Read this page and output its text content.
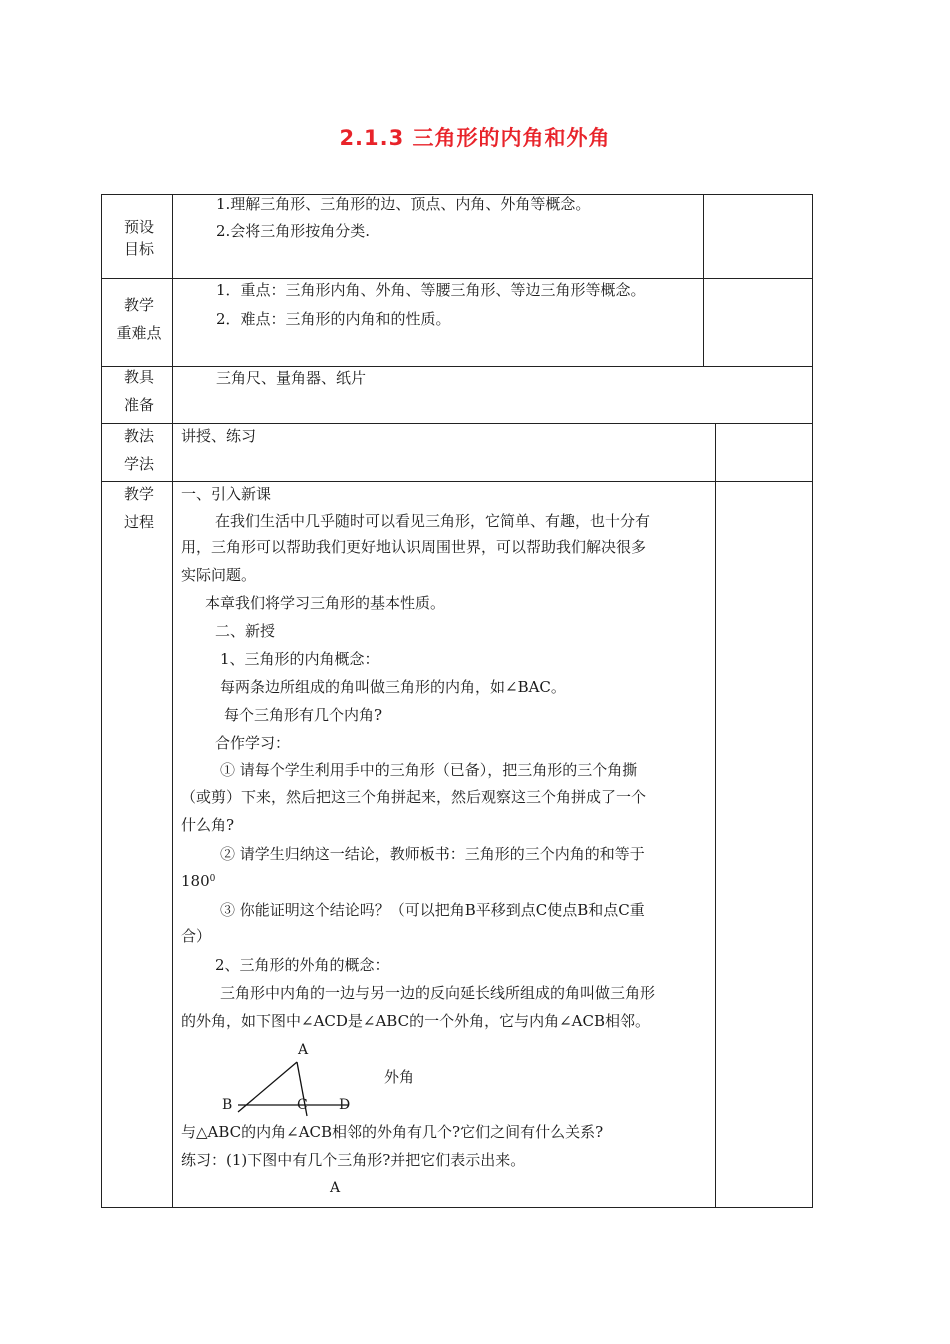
2.1.3 三角形的内角和外角
预设
目标
教学
重难点
教具
准备
教法
学法
教学
过程
1.理解三角形、三角形的边、顶点、内角、外角等概念。
2.会将三角形按角分类.
1．重点：三角形内角、外角、等腰三角形、等边三角形等概念。
2．难点：三角形的内角和的性质。
三角尺、量角器、纸片
讲授、练习
一、引入新课
在我们生活中几乎随时可以看见三角形，它简单、有趣，也十分有
用，三角形可以帮助我们更好地认识周围世界，可以帮助我们解决很多
实际问题。
本章我们将学习三角形的基本性质。
二、新授
1、三角形的内角概念：
每两条边所组成的角叫做三角形的内角，如∠BAC。
每个三角形有几个内角?
合作学习：
① 请每个学生利用手中的三角形（已备），把三角形的三个角撕
（或剪）下来，然后把这三个角拼起来，然后观察这三个角拼成了一个
什么角?
② 请学生归纳这一结论，教师板书：三角形的三个内角的和等于
$180^0$
③ 你能证明这个结论吗？（可以把角B平移到点C使点B和点C重
合）
2、三角形的外角的概念：
三角形中内角的一边与另一边的反向延长线所组成的角叫做三角形
的外角，如下图中∠ACD是∠ABC的一个外角，它与内角∠ACB相邻。
A
外角
B	C D
与△ABC的内角∠ACB相邻的外角有几个?它们之间有什么关系?
练习：(1)下图中有几个三角形?并把它们表示出来。
A
